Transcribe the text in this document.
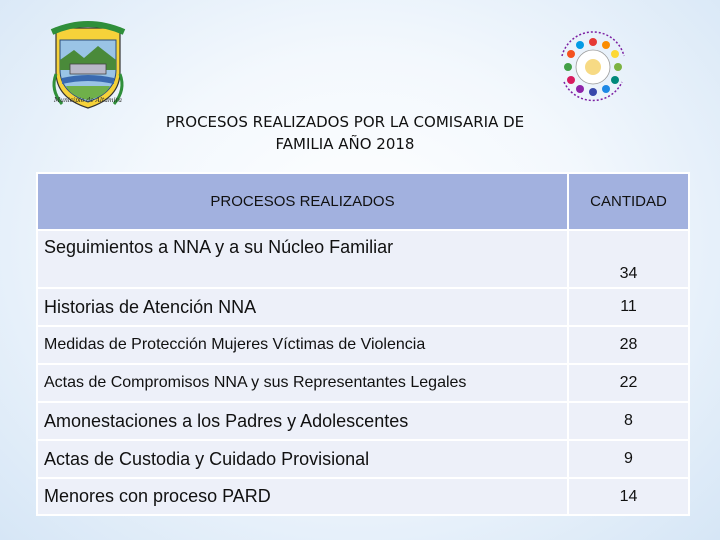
Municipio de Altamira
PROCESOS REALIZADOS POR LA COMISARIA DE
FAMILIA AÑO 2018
PROCESOS REALIZADOS	CANTIDAD
Seguimientos a NNA y a su Núcleo Familiar	34
Historias de Atención NNA	11
Medidas de Protección Mujeres Víctimas de Violencia	28
Actas de Compromisos NNA y sus Representantes Legales	22
Amonestaciones a los Padres y Adolescentes	8
Actas de Custodia y Cuidado Provisional	9
Menores con proceso PARD	14
